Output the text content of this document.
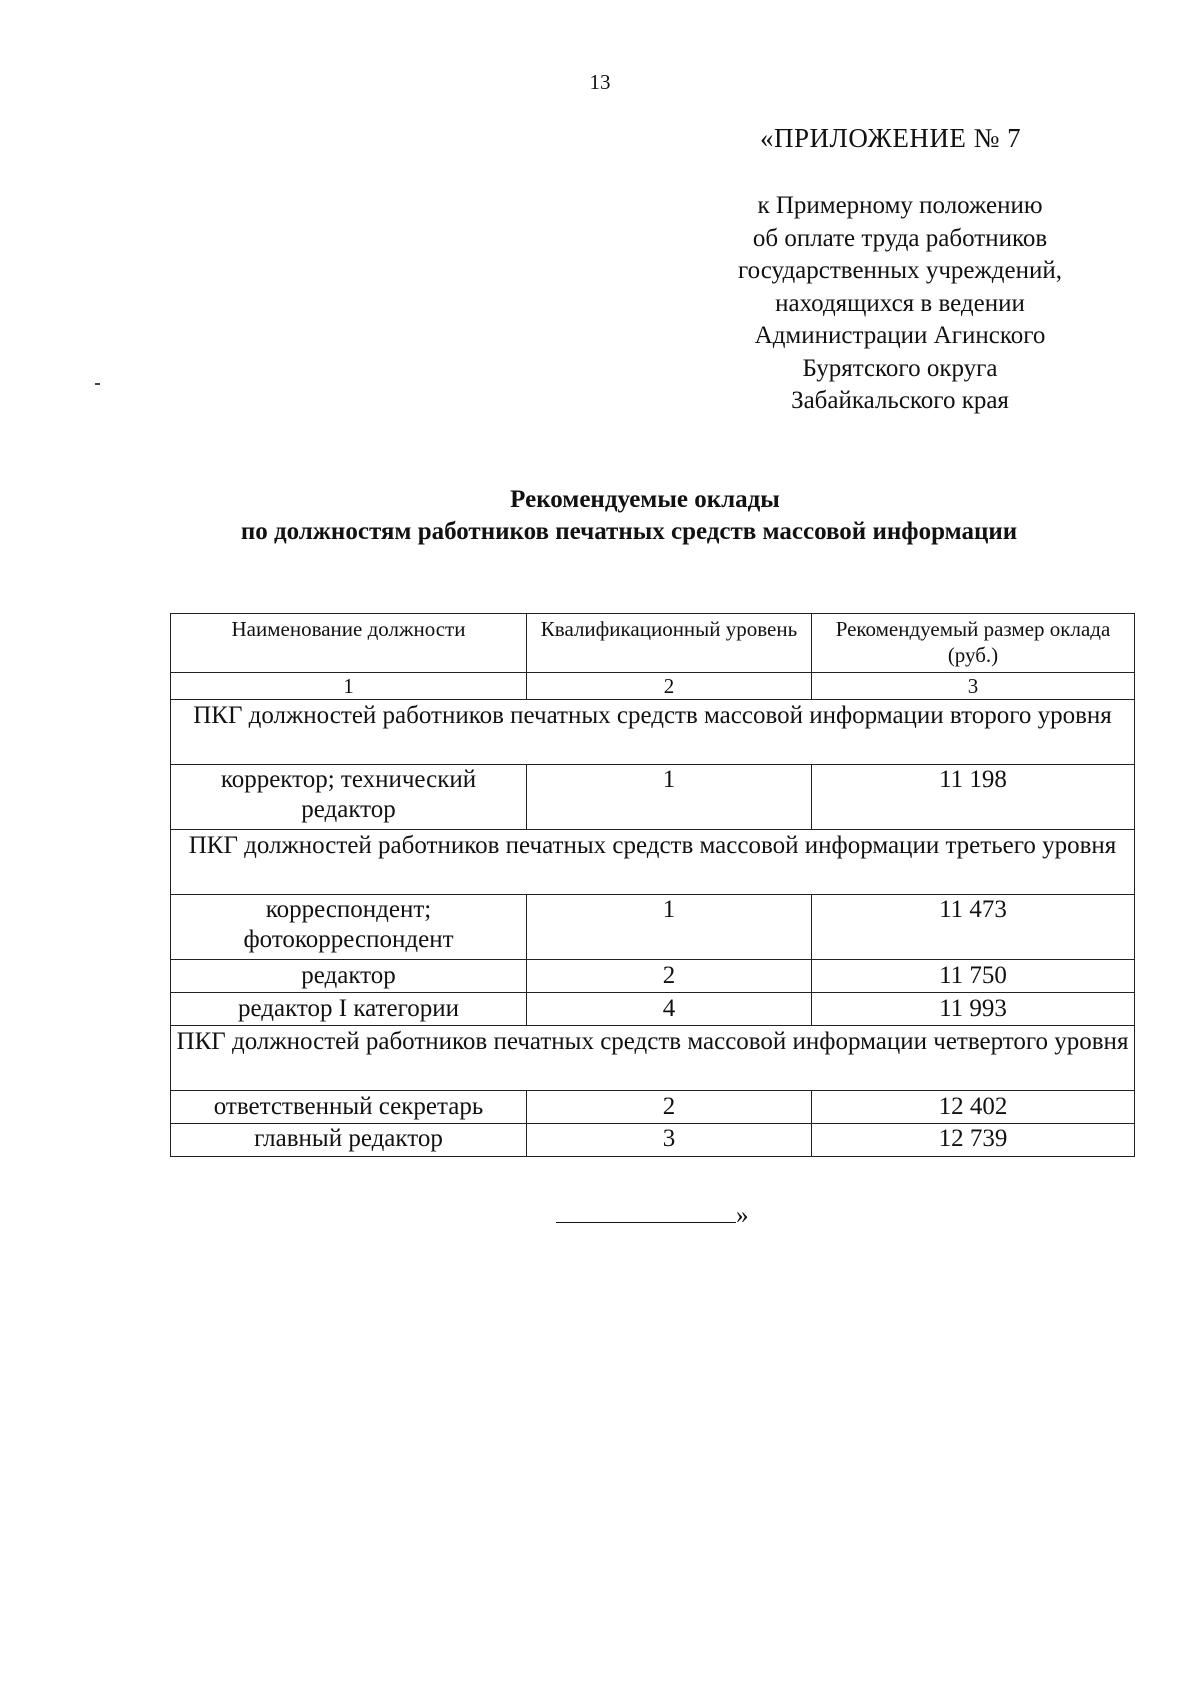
13
«ПРИЛОЖЕНИЕ № 7
к Примерному положению
об оплате труда работников
государственных учреждений,
находящихся в ведении
Администрации Агинского
Бурятского округа
Забайкальского края
Рекомендуемые оклады
по должностям работников печатных средств массовой информации
Наименование должности	Квалификационный уровень	Рекомендуемый размер оклада (руб.)
1	2	3
ПКГ должностей работников печатных средств массовой информации второго уровня		
корректор; технический редактор	1	11 198
ПКГ должностей работников печатных средств массовой информации третьего уровня		
корреспондент; фотокорреспондент	1	11 473
редактор	2	11 750
редактор I категории	4	11 993
ПКГ должностей работников печатных средств массовой информации четвертого уровня		
ответственный секретарь	2	12 402
главный редактор	3	12 739
»
